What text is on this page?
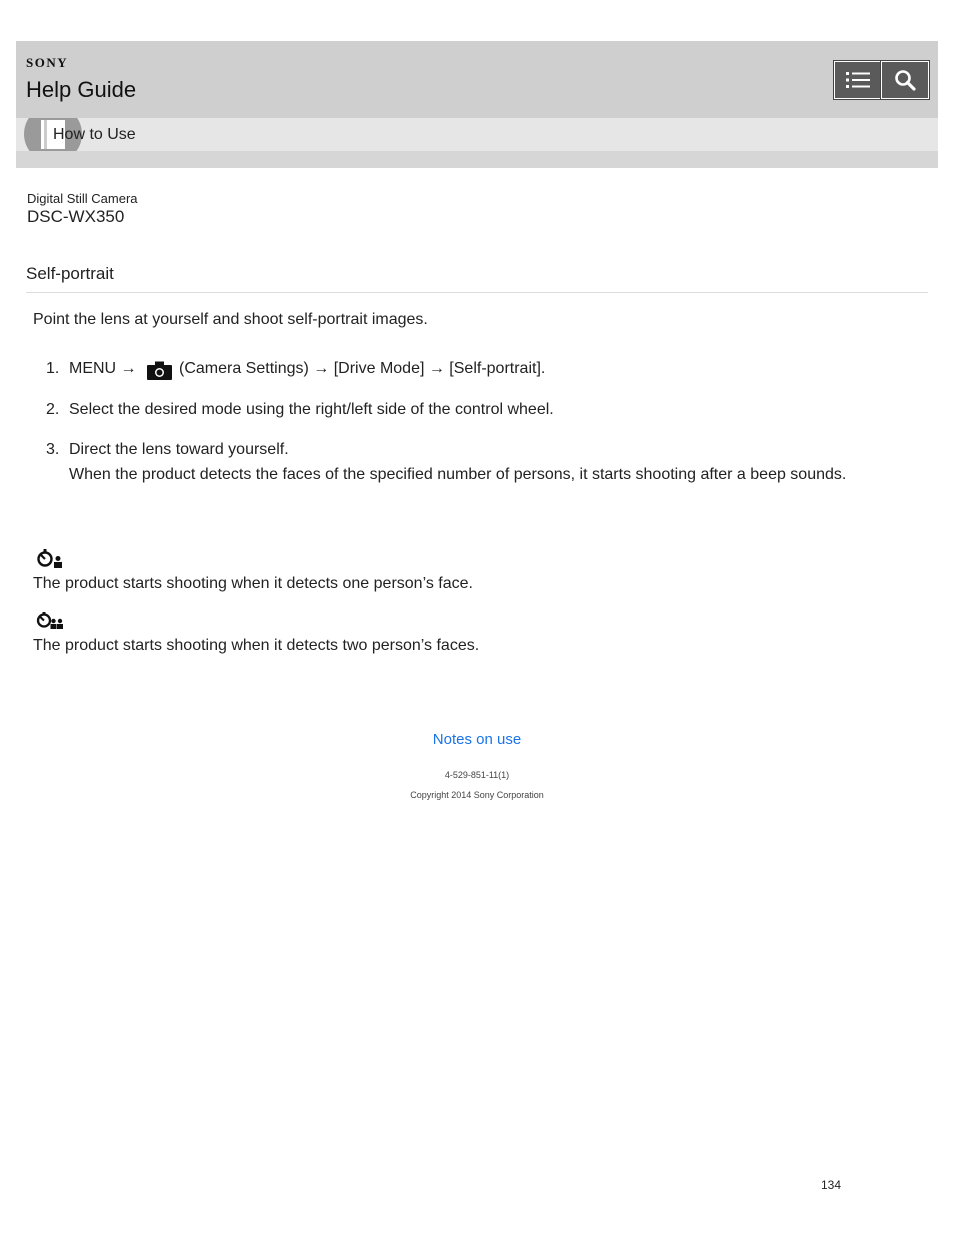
SONY
Help Guide
How to Use
Digital Still Camera
DSC-WX350
Self-portrait
Point the lens at yourself and shoot self-portrait images.
1. MENU →	(Camera Settings) → [Drive Mode] → [Self-portrait].
2. Select the desired mode using the right/left side of the control wheel.
3. Direct the lens toward yourself.
When the product detects the faces of the specified number of persons, it starts shooting after a beep sounds.
The product starts shooting when it detects one person’s face.
The product starts shooting when it detects two person’s faces.
Notes on use
4-529-851-11(1)
Copyright 2014 Sony Corporation
134
